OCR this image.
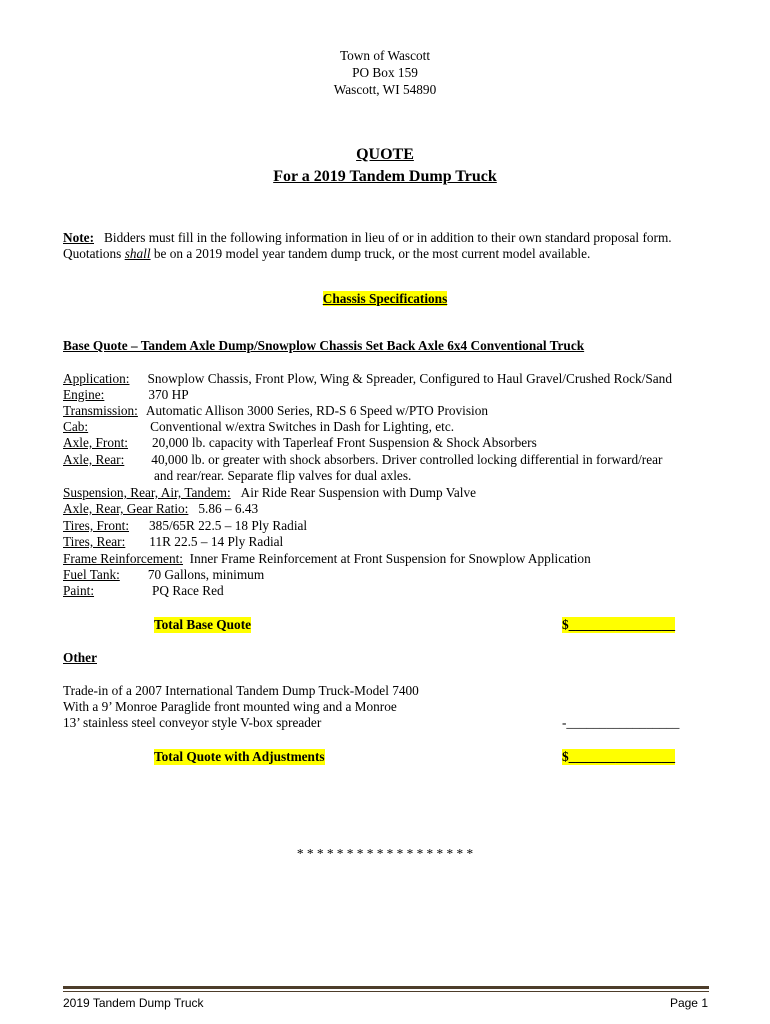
Town of Wascott
PO Box 159
Wascott, WI 54890
QUOTE
For a 2019 Tandem Dump Truck
Note: Bidders must fill in the following information in lieu of or in addition to their own standard proposal form.
Quotations shall be on a 2019 model year tandem dump truck, or the most current model available.
Chassis Specifications
Base Quote – Tandem Axle Dump/Snowplow Chassis Set Back Axle 6x4 Conventional Truck
Application: Snowplow Chassis, Front Plow, Wing & Spreader, Configured to Haul Gravel/Crushed Rock/Sand
Engine:	370 HP
Transmission: Automatic Allison 3000 Series, RD-S 6 Speed w/PTO Provision
Cab:	Conventional w/extra Switches in Dash for Lighting, etc.
Axle, Front: 20,000 lb. capacity with Taperleaf Front Suspension & Shock Absorbers
Axle, Rear: 40,000 lb. or greater with shock absorbers. Driver controlled locking differential in forward/rear
and rear/rear. Separate flip valves for dual axles.
Suspension, Rear, Air, Tandem: Air Ride Rear Suspension with Dump Valve
Axle, Rear, Gear Ratio: 5.86 – 6.43
Tires, Front: 385/65R 22.5 – 18 Ply Radial
Tires, Rear: 11R 22.5 – 14 Ply Radial
Frame Reinforcement: Inner Frame Reinforcement at Front Suspension for Snowplow Application
Fuel Tank: 70 Gallons, minimum
Paint:	PQ Race Red
Total Base Quote	$________________
Other
Trade-in of a 2007 International Tandem Dump Truck-Model 7400
With a 9’ Monroe Paraglide front mounted wing and a Monroe
13’ stainless steel conveyor style V-box spreader	-_________________
Total Quote with Adjustments	$________________
* * * * * * * * * * * * * * * * * *
2019 Tandem Dump Truck	Page 1
